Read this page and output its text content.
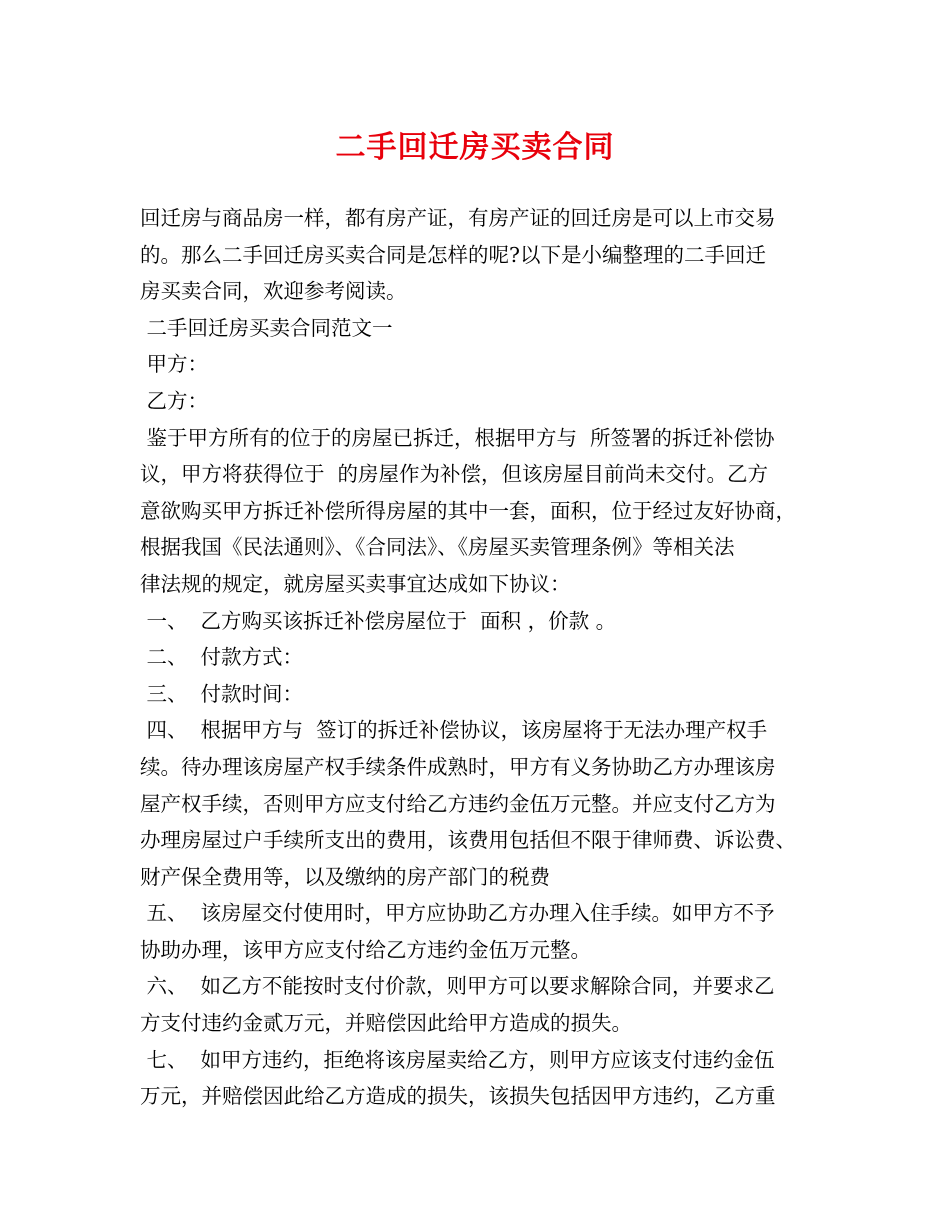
二手回迁房买卖合同
回迁房与商品房一样，都有房产证，有房产证的回迁房是可以上市交易
的。那么二手回迁房买卖合同是怎样的呢?以下是小编整理的二手回迁
房买卖合同，欢迎参考阅读。
二手回迁房买卖合同范文一
甲方：
乙方：
鉴于甲方所有的位于的房屋已拆迁，根据甲方与  所签署的拆迁补偿协
议，甲方将获得位于  的房屋作为补偿，但该房屋目前尚未交付。乙方
意欲购买甲方拆迁补偿所得房屋的其中一套，面积，位于经过友好协商，
根据我国《民法通则》、《合同法》、《房屋买卖管理条例》等相关法
律法规的规定，就房屋买卖事宜达成如下协议：
一、  乙方购买该拆迁补偿房屋位于  面积 ，价款 。
二、  付款方式：
三、  付款时间：
四、  根据甲方与  签订的拆迁补偿协议，该房屋将于无法办理产权手
续。待办理该房屋产权手续条件成熟时，甲方有义务协助乙方办理该房
屋产权手续，否则甲方应支付给乙方违约金伍万元整。并应支付乙方为
办理房屋过户手续所支出的费用，该费用包括但不限于律师费、诉讼费、
财产保全费用等，以及缴纳的房产部门的税费
五、  该房屋交付使用时，甲方应协助乙方办理入住手续。如甲方不予
协助办理，该甲方应支付给乙方违约金伍万元整。
六、  如乙方不能按时支付价款，则甲方可以要求解除合同，并要求乙
方支付违约金贰万元，并赔偿因此给甲方造成的损失。
七、  如甲方违约，拒绝将该房屋卖给乙方，则甲方应该支付违约金伍
万元，并赔偿因此给乙方造成的损失，该损失包括因甲方违约，乙方重
